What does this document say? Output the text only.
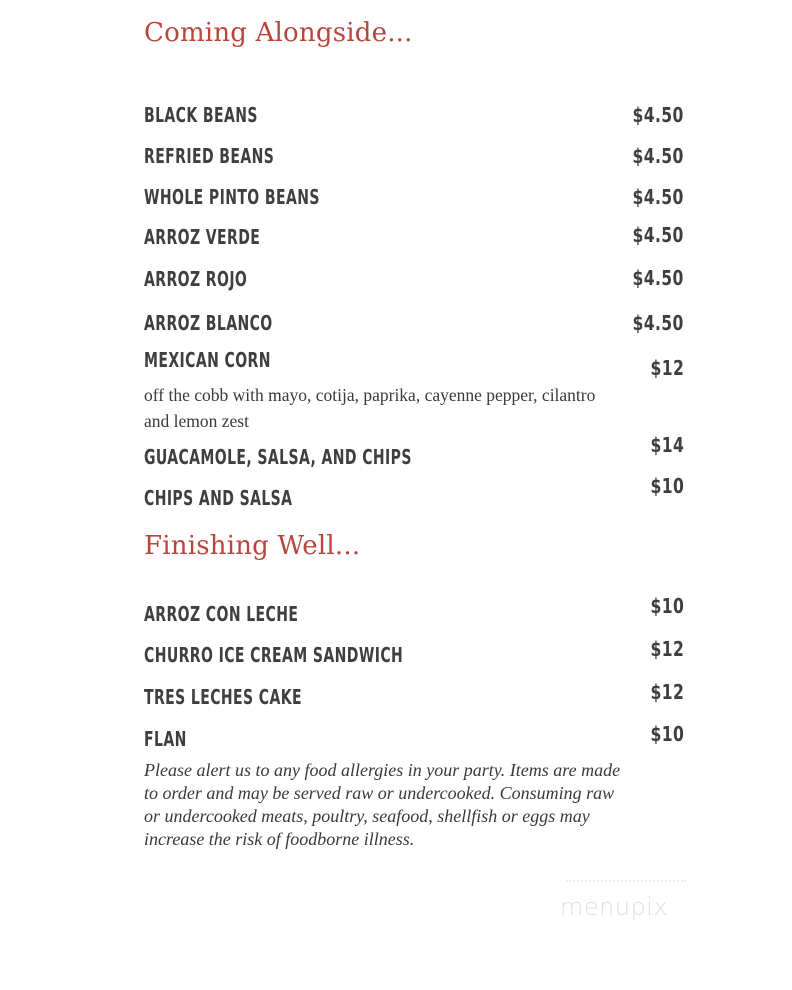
Coming Alongside...
BLACK BEANS	$4.50
REFRIED BEANS	$4.50
WHOLE PINTO BEANS	$4.50
ARROZ VERDE	$4.50
ARROZ ROJO	$4.50
ARROZ BLANCO	$4.50
MEXICAN CORN	$12
off the cobb with mayo, cotija, paprika, cayenne pepper, cilantro and lemon zest
GUACAMOLE, SALSA, AND CHIPS	$14
CHIPS AND SALSA	$10
Finishing Well...
ARROZ CON LECHE	$10
CHURRO ICE CREAM SANDWICH	$12
TRES LECHES CAKE	$12
FLAN	$10
Please alert us to any food allergies in your party. Items are made to order and may be served raw or undercooked. Consuming raw or undercooked meats, poultry, seafood, shellfish or eggs may increase the risk of foodborne illness.
menupix
